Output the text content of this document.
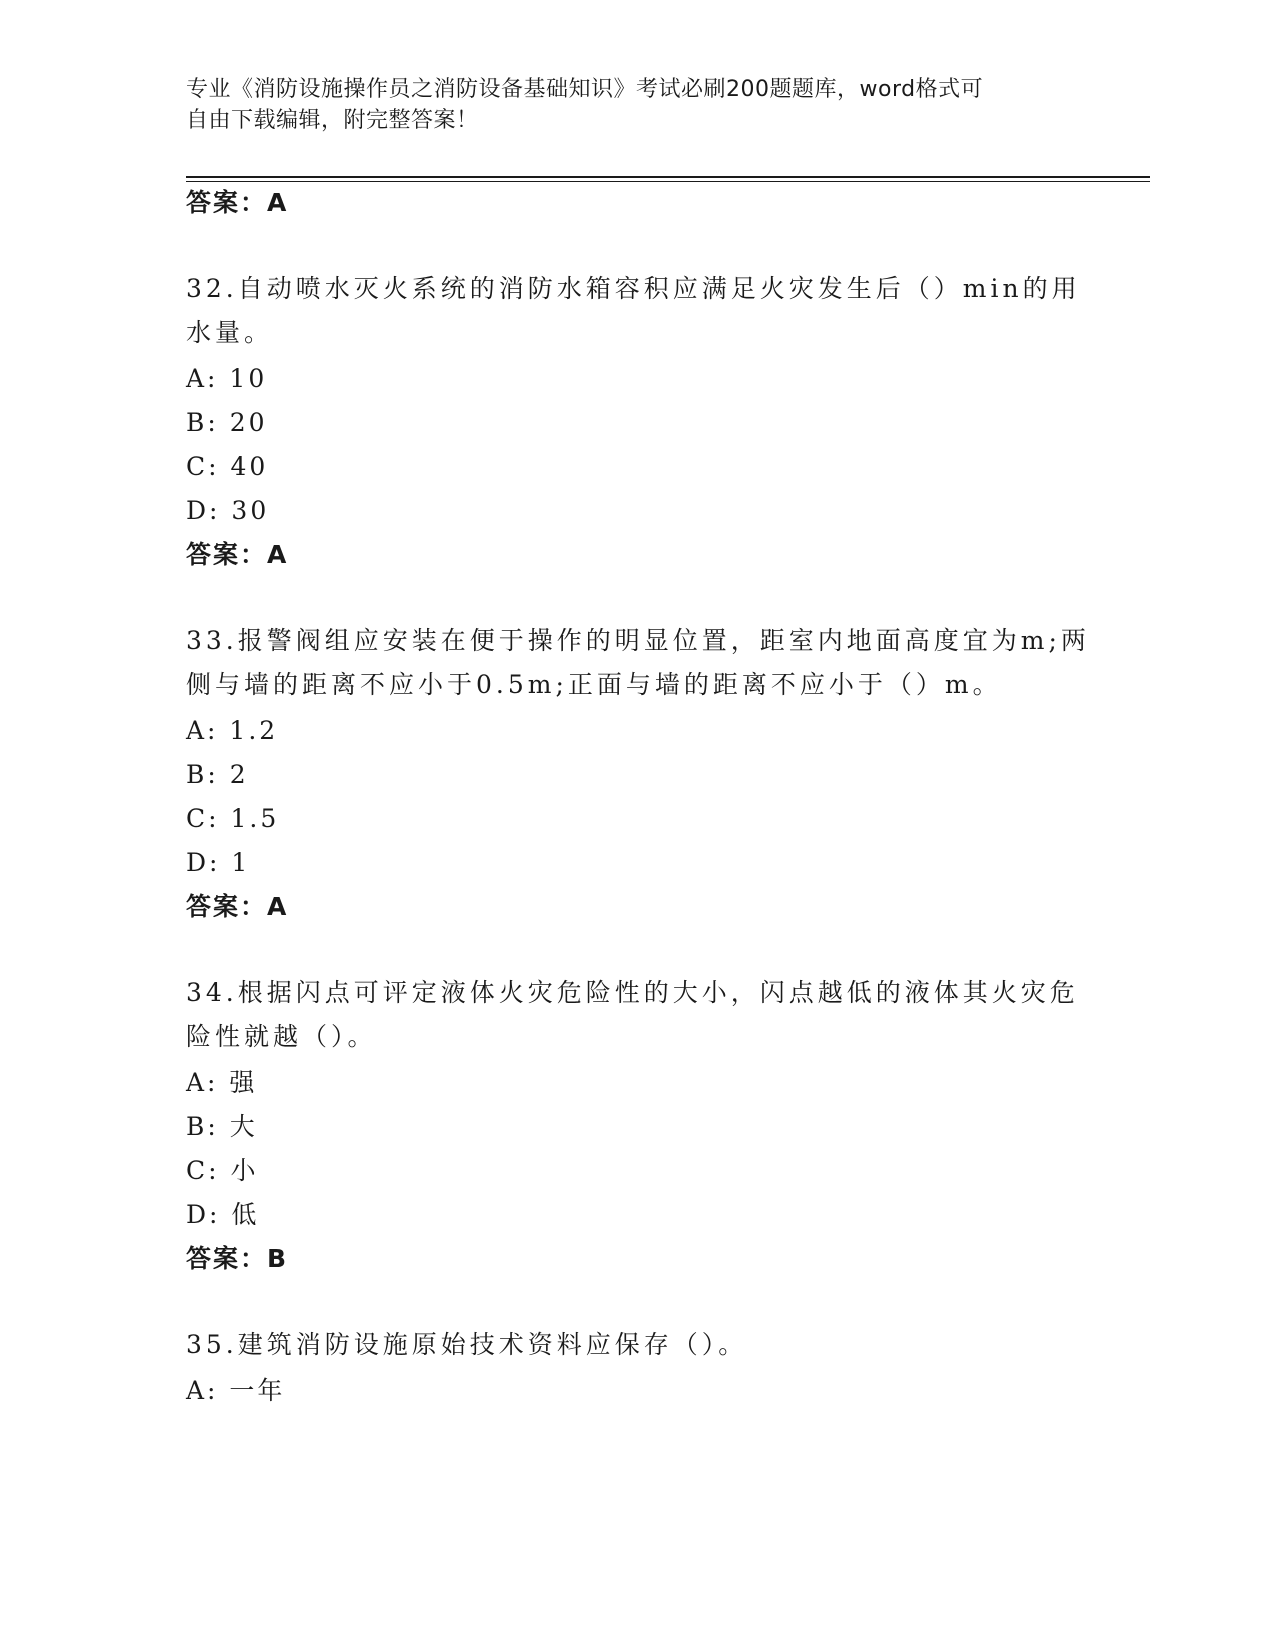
专业《消防设施操作员之消防设备基础知识》考试必刷200题题库，word格式可
自由下载编辑，附完整答案！
答案：A
32.自动喷水灭火系统的消防水箱容积应满足火灾发生后（）min的用
水量。
A: 10
B: 20
C: 40
D: 30
答案：A
33.报警阀组应安装在便于操作的明显位置，距室内地面高度宜为m;两
侧与墙的距离不应小于0.5m;正面与墙的距离不应小于（）m。
A: 1.2
B: 2
C: 1.5
D: 1
答案：A
34.根据闪点可评定液体火灾危险性的大小，闪点越低的液体其火灾危
险性就越（）。
A: 强
B: 大
C: 小
D: 低
答案：B
35.建筑消防设施原始技术资料应保存（）。
A: 一年
